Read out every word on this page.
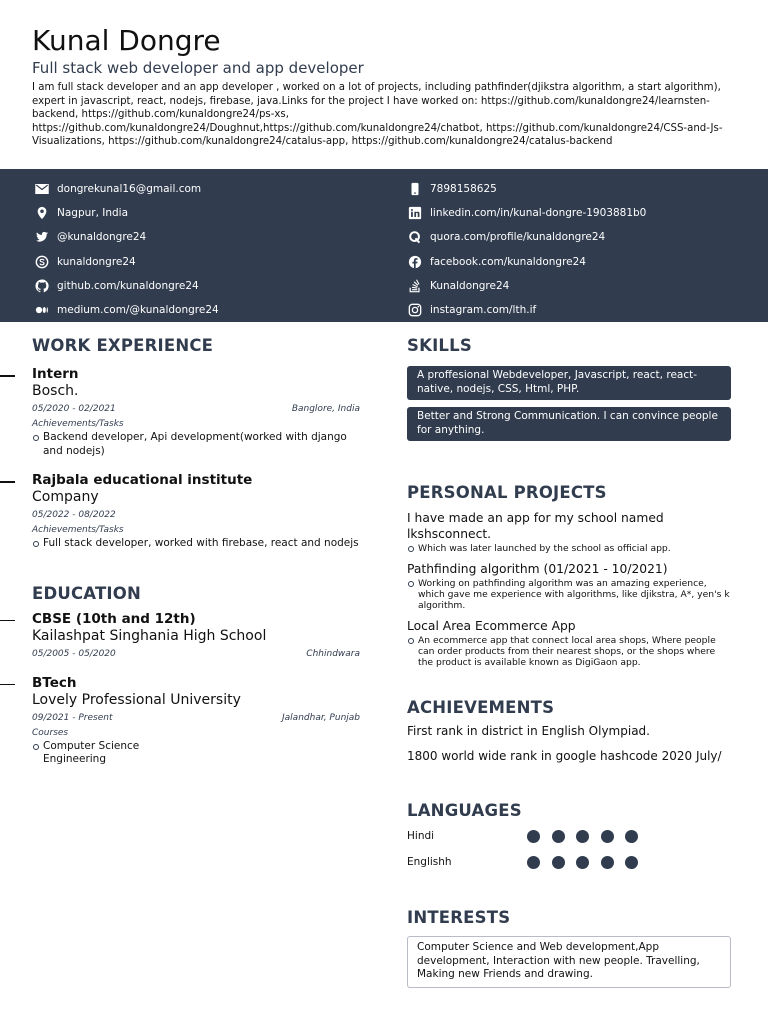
Kunal Dongre
Full stack web developer and app developer
I am full stack developer and an app developer , worked on a lot of projects, including pathfinder(djikstra algorithm, a start algorithm), expert in javascript, react, nodejs, firebase, java.Links for the project I have worked on: https://github.com/kunaldongre24/learnsten-backend, https://github.com/kunaldongre24/ps-xs, https://github.com/kunaldongre24/Doughnut,https://github.com/kunaldongre24/chatbot, https://github.com/kunaldongre24/CSS-and-Js-Visualizations, https://github.com/kunaldongre24/catalus-app, https://github.com/kunaldongre24/catalus-backend
dongrekunal16@gmail.com
Nagpur, India
@kunaldongre24
kunaldongre24
github.com/kunaldongre24
medium.com/@kunaldongre24
7898158625
linkedin.com/in/kunal-dongre-1903881b0
quora.com/profile/kunaldongre24
facebook.com/kunaldongre24
Kunaldongre24
instagram.com/lth.if
WORK EXPERIENCE
Intern
Bosch.
05/2020 - 02/2021	Banglore, India
Achievements/Tasks
Backend developer, Api development(worked with django and nodejs)
Rajbala educational institute
Company
05/2022 - 08/2022
Achievements/Tasks
Full stack developer, worked with firebase, react and nodejs
EDUCATION
CBSE (10th and 12th)
Kailashpat Singhania High School
05/2005 - 05/2020	Chhindwara
BTech
Lovely Professional University
09/2021 - Present	Jalandhar, Punjab
Courses
Computer Science Engineering
SKILLS
A proffesional Webdeveloper, Javascript, react, react-native, nodejs, CSS, Html, PHP.
Better and Strong Communication. I can convince people for anything.
PERSONAL PROJECTS
I have made an app for my school named lkshsconnect.
Which was later launched by the school as official app.
Pathfinding algorithm (01/2021 - 10/2021)
Working on pathfinding algorithm was an amazing experience, which gave me experience with algorithms, like djikstra, A*, yen's k algorithm.
Local Area Ecommerce App
An ecommerce app that connect local area shops, Where people can order products from their nearest shops, or the shops where the product is available known as DigiGaon app.
ACHIEVEMENTS
First rank in district in English Olympiad.
1800 world wide rank in google hashcode 2020 July/
LANGUAGES
Hindi
Englishh
INTERESTS
Computer Science and Web development,App development, Interaction with new people. Travelling, Making new Friends and drawing.
